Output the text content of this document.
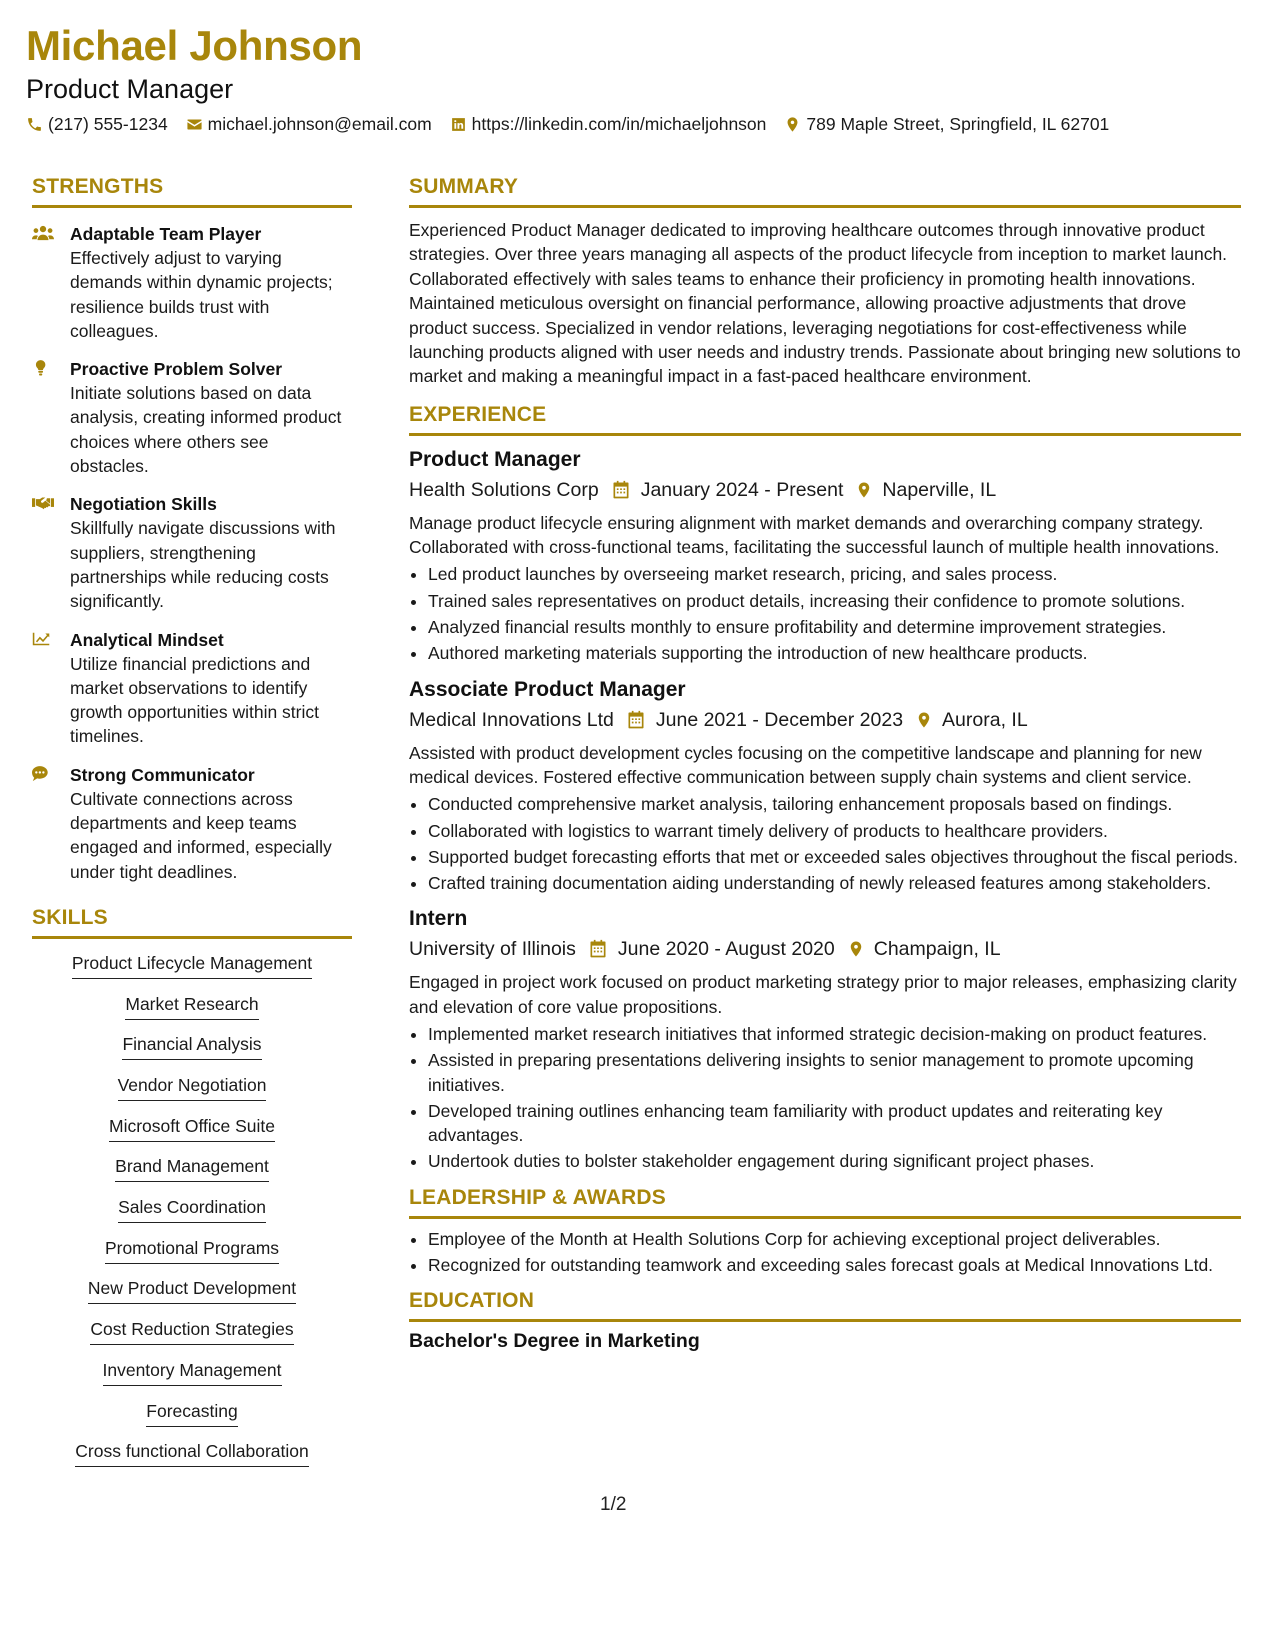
Michael Johnson
Product Manager
(217) 555-1234 michael.johnson@email.com https://linkedin.com/in/michaeljohnson 789 Maple Street, Springfield, IL 62701
STRENGTHS
Adaptable Team Player
Effectively adjust to varying demands within dynamic projects; resilience builds trust with colleagues.
Proactive Problem Solver
Initiate solutions based on data analysis, creating informed product choices where others see obstacles.
Negotiation Skills
Skillfully navigate discussions with suppliers, strengthening partnerships while reducing costs significantly.
Analytical Mindset
Utilize financial predictions and market observations to identify growth opportunities within strict timelines.
Strong Communicator
Cultivate connections across departments and keep teams engaged and informed, especially under tight deadlines.
SKILLS
Product Lifecycle Management
Market Research
Financial Analysis
Vendor Negotiation
Microsoft Office Suite
Brand Management
Sales Coordination
Promotional Programs
New Product Development
Cost Reduction Strategies
Inventory Management
Forecasting
Cross functional Collaboration
SUMMARY
Experienced Product Manager dedicated to improving healthcare outcomes through innovative product strategies. Over three years managing all aspects of the product lifecycle from inception to market launch. Collaborated effectively with sales teams to enhance their proficiency in promoting health innovations. Maintained meticulous oversight on financial performance, allowing proactive adjustments that drove product success. Specialized in vendor relations, leveraging negotiations for cost-effectiveness while launching products aligned with user needs and industry trends. Passionate about bringing new solutions to market and making a meaningful impact in a fast-paced healthcare environment.
EXPERIENCE
Product Manager
Health Solutions Corp January 2024 - Present Naperville, IL
Manage product lifecycle ensuring alignment with market demands and overarching company strategy. Collaborated with cross-functional teams, facilitating the successful launch of multiple health innovations.
• Led product launches by overseeing market research, pricing, and sales process.
• Trained sales representatives on product details, increasing their confidence to promote solutions.
• Analyzed financial results monthly to ensure profitability and determine improvement strategies.
• Authored marketing materials supporting the introduction of new healthcare products.
Associate Product Manager
Medical Innovations Ltd June 2021 - December 2023 Aurora, IL
Assisted with product development cycles focusing on the competitive landscape and planning for new medical devices. Fostered effective communication between supply chain systems and client service.
• Conducted comprehensive market analysis, tailoring enhancement proposals based on findings.
• Collaborated with logistics to warrant timely delivery of products to healthcare providers.
• Supported budget forecasting efforts that met or exceeded sales objectives throughout the fiscal periods.
• Crafted training documentation aiding understanding of newly released features among stakeholders.
Intern
University of Illinois June 2020 - August 2020 Champaign, IL
Engaged in project work focused on product marketing strategy prior to major releases, emphasizing clarity and elevation of core value propositions.
• Implemented market research initiatives that informed strategic decision-making on product features.
• Assisted in preparing presentations delivering insights to senior management to promote upcoming initiatives.
• Developed training outlines enhancing team familiarity with product updates and reiterating key advantages.
• Undertook duties to bolster stakeholder engagement during significant project phases.
LEADERSHIP & AWARDS
• Employee of the Month at Health Solutions Corp for achieving exceptional project deliverables.
• Recognized for outstanding teamwork and exceeding sales forecast goals at Medical Innovations Ltd.
EDUCATION
Bachelor's Degree in Marketing
1/2
